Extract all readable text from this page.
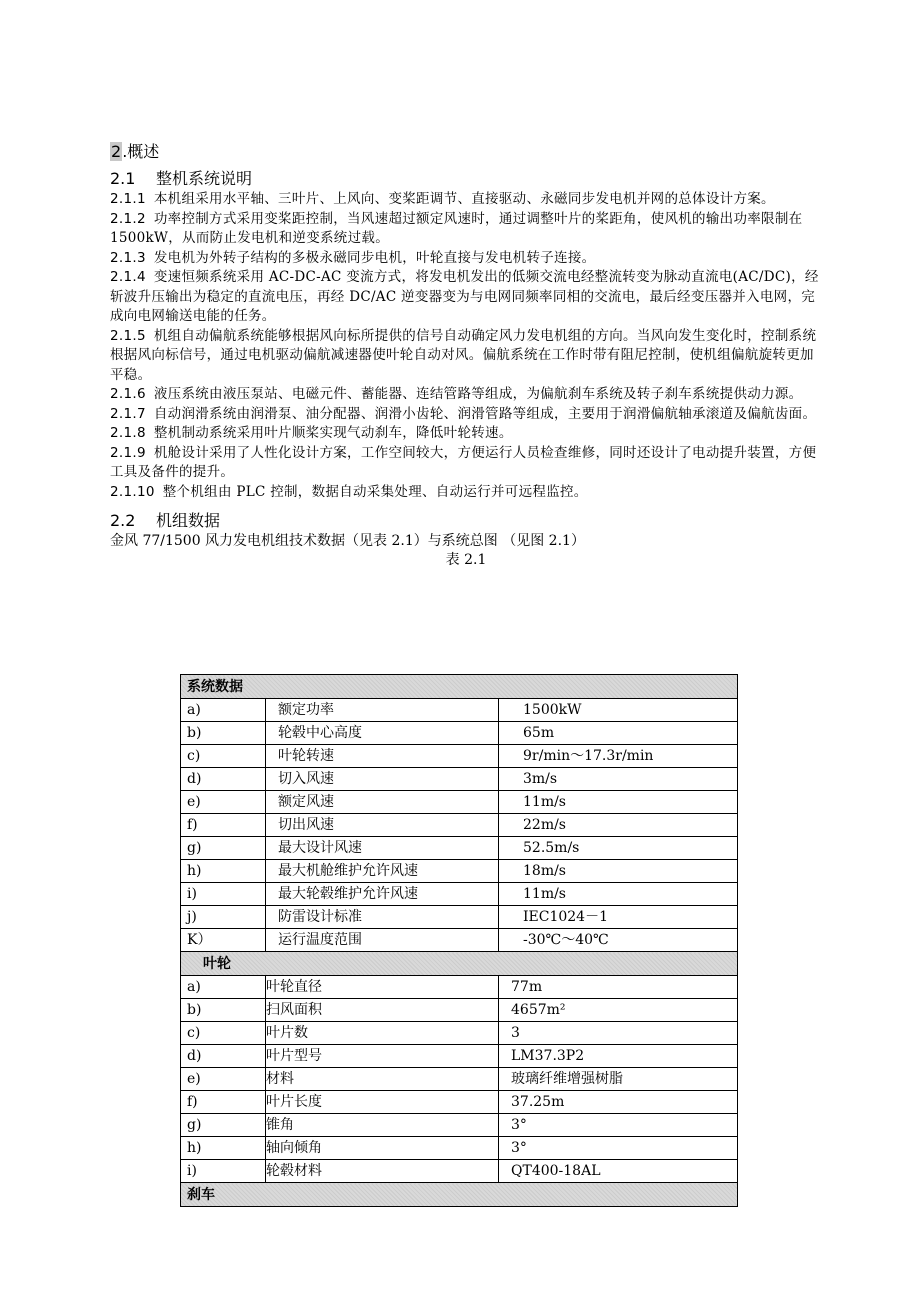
2.概述
2.1 整机系统说明
2.1.1 本机组采用水平轴、三叶片、上风向、变桨距调节、直接驱动、永磁同步发电机并网的总体设计方案。
2.1.2 功率控制方式采用变桨距控制，当风速超过额定风速时，通过调整叶片的桨距角，使风机的输出功率限制在 1500kW，从而防止发电机和逆变系统过载。
2.1.3 发电机为外转子结构的多极永磁同步电机，叶轮直接与发电机转子连接。
2.1.4 变速恒频系统采用 AC-DC-AC 变流方式，将发电机发出的低频交流电经整流转变为脉动直流电(AC/DC)，经斩波升压输出为稳定的直流电压，再经 DC/AC 逆变器变为与电网同频率同相的交流电，最后经变压器并入电网，完成向电网输送电能的任务。
2.1.5 机组自动偏航系统能够根据风向标所提供的信号自动确定风力发电机组的方向。当风向发生变化时，控制系统根据风向标信号，通过电机驱动偏航减速器使叶轮自动对风。偏航系统在工作时带有阻尼控制，使机组偏航旋转更加平稳。
2.1.6 液压系统由液压泵站、电磁元件、蓄能器、连结管路等组成，为偏航刹车系统及转子刹车系统提供动力源。
2.1.7 自动润滑系统由润滑泵、油分配器、润滑小齿轮、润滑管路等组成，主要用于润滑偏航轴承滚道及偏航齿面。
2.1.8 整机制动系统采用叶片顺桨实现气动刹车，降低叶轮转速。
2.1.9 机舱设计采用了人性化设计方案，工作空间较大，方便运行人员检查维修，同时还设计了电动提升装置，方便工具及备件的提升。
2.1.10 整个机组由 PLC 控制，数据自动采集处理、自动运行并可远程监控。
2.2 机组数据
金风 77/1500 风力发电机组技术数据（见表 2.1）与系统总图 （见图 2.1）
表 2.1
系统数据		
a)	额定功率	1500kW
b)	轮毂中心高度	65m
c)	叶轮转速	9r/min～17.3r/min
d)	切入风速	3m/s
e)	额定风速	11m/s
f)	切出风速	22m/s
g)	最大设计风速	52.5m/s
h)	最大机舱维护允许风速	18m/s
i)	最大轮毂维护允许风速	11m/s
j)	防雷设计标准	IEC1024－1
K）	运行温度范围	-30℃～40℃
叶轮		
a)	叶轮直径	77m
b)	扫风面积	4657m²
c)	叶片数	3
d)	叶片型号	LM37.3P2
e)	材料	玻璃纤维增强树脂
f)	叶片长度	37.25m
g)	锥角	3°
h)	轴向倾角	3°
i)	轮毂材料	QT400-18AL
刹车		
